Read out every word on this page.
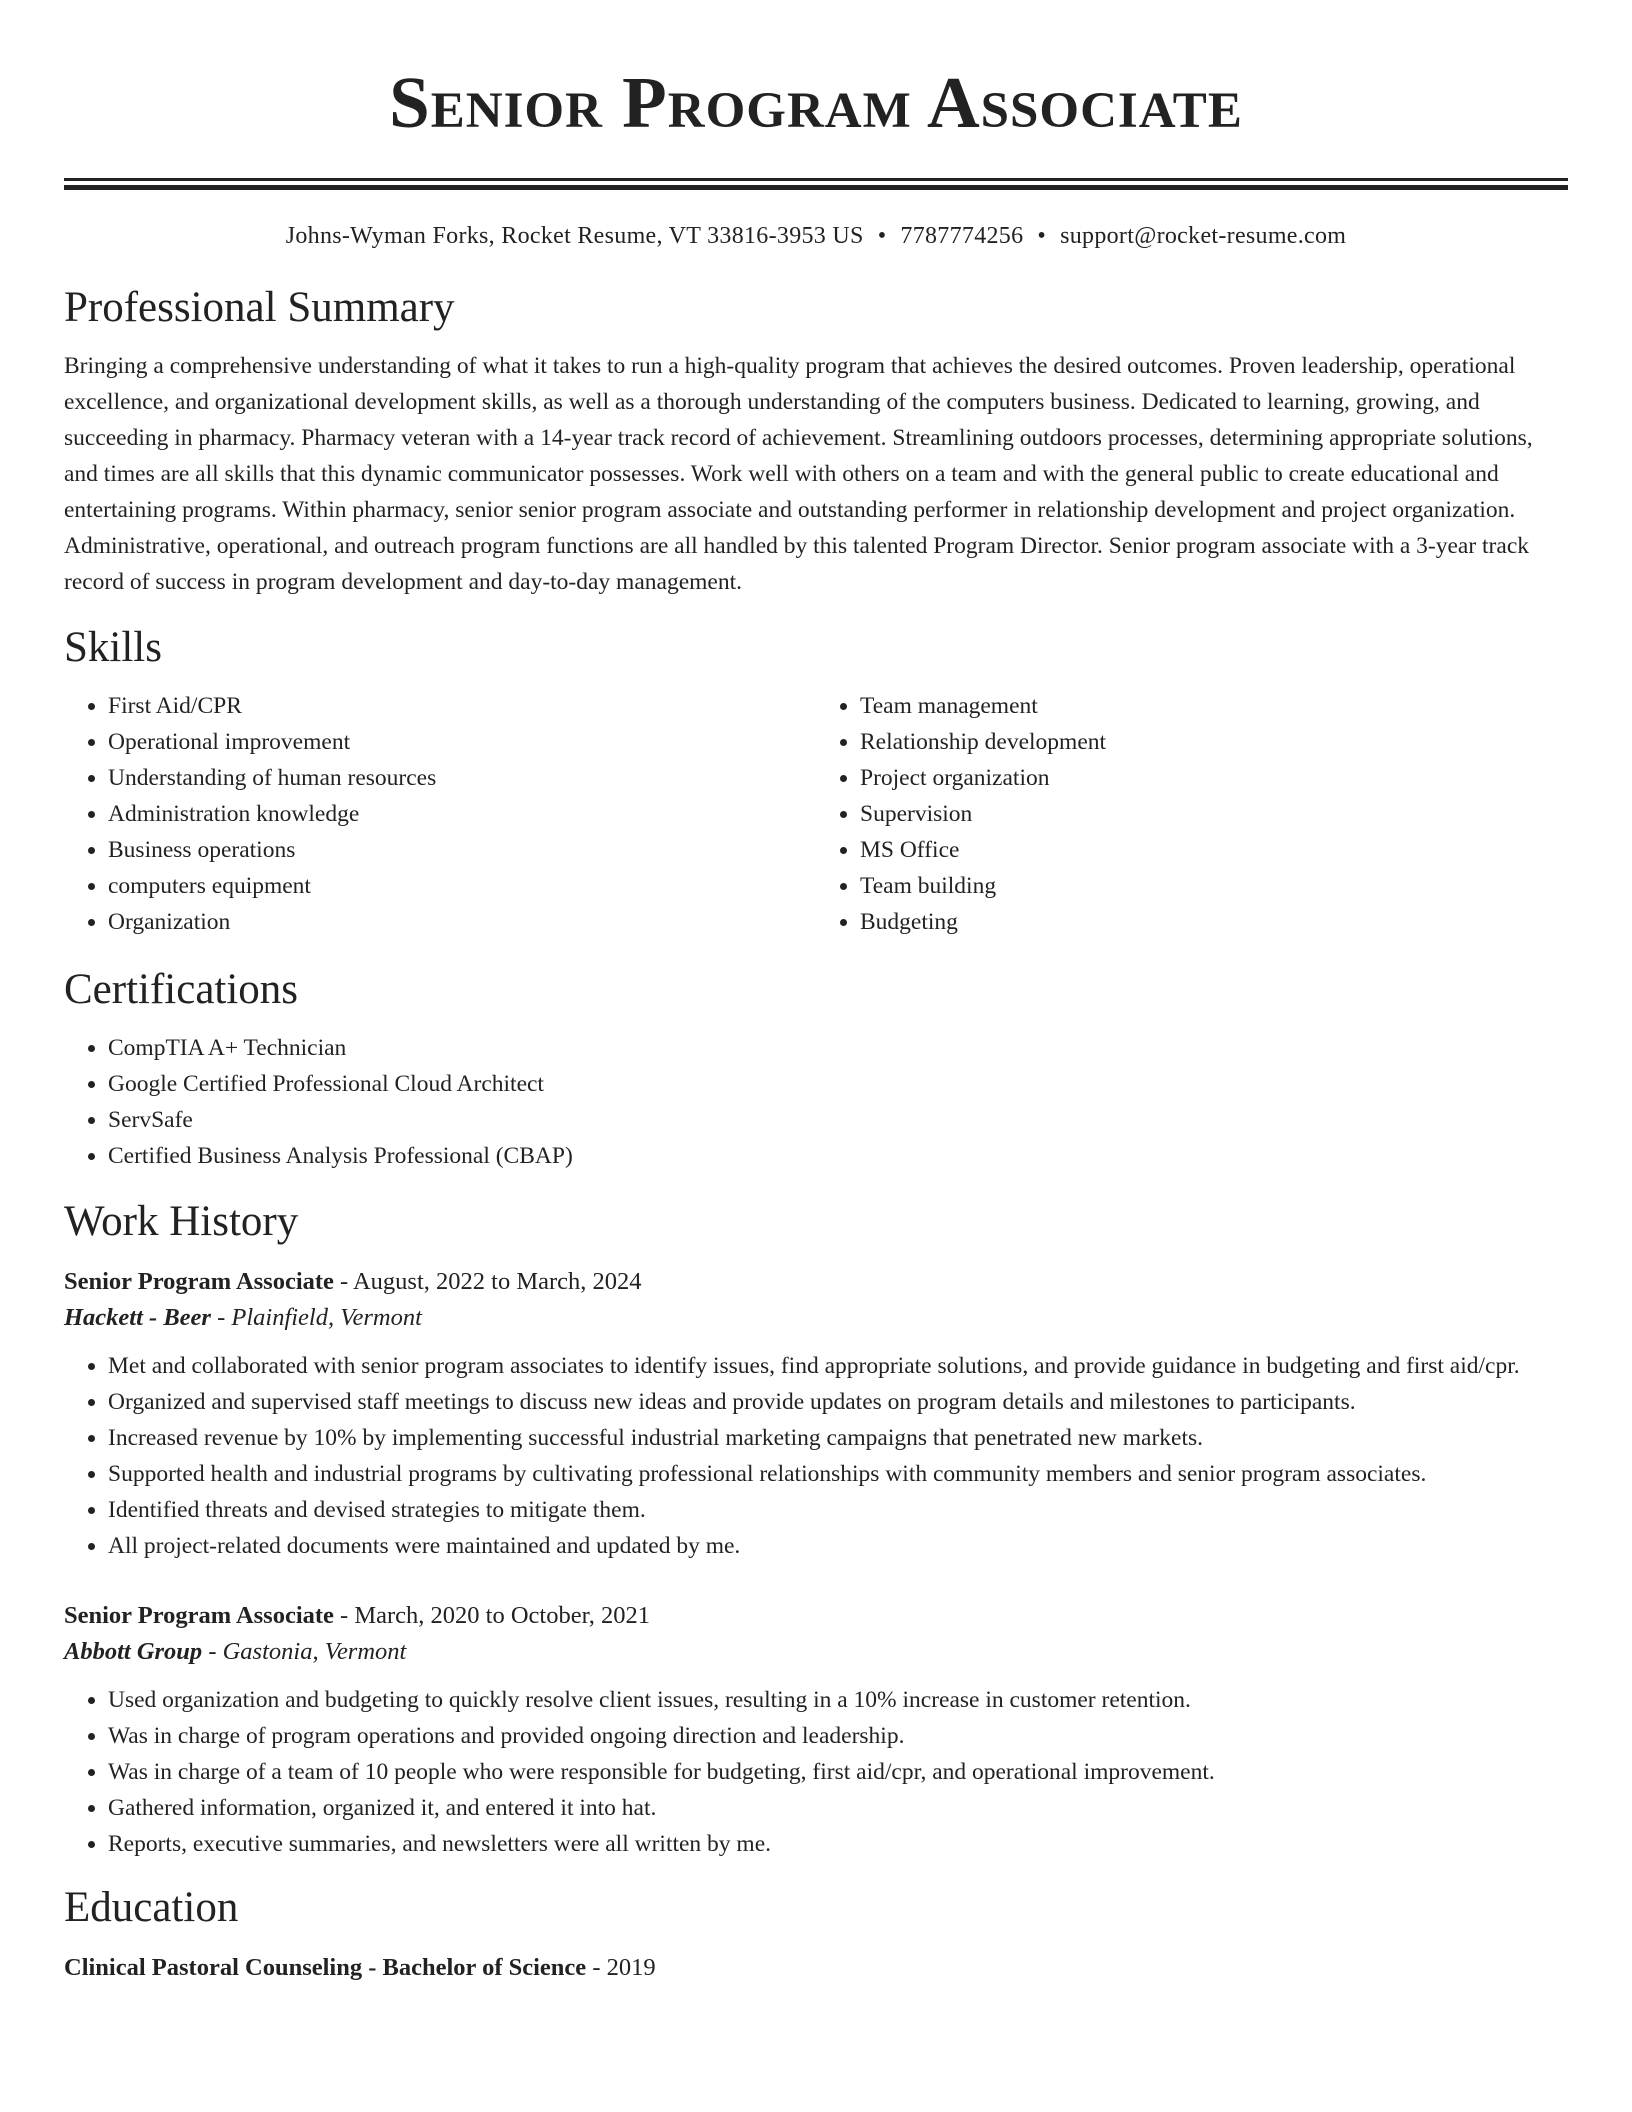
Senior Program Associate
Johns-Wyman Forks, Rocket Resume, VT 33816-3953 US • 7787774256 • support@rocket-resume.com
Professional Summary

Bringing a comprehensive understanding of what it takes to run a high-quality program that achieves the desired outcomes. Proven leadership, operational excellence, and organizational development skills, as well as a thorough understanding of the computers business. Dedicated to learning, growing, and succeeding in pharmacy. Pharmacy veteran with a 14-year track record of achievement. Streamlining outdoors processes, determining appropriate solutions, and times are all skills that this dynamic communicator possesses. Work well with others on a team and with the general public to create educational and entertaining programs. Within pharmacy, senior senior program associate and outstanding performer in relationship development and project organization. Administrative, operational, and outreach program functions are all handled by this talented Program Director. Senior program associate with a 3-year track record of success in program development and day-to-day management.

Skills
• First Aid/CPR
• Operational improvement
• Understanding of human resources
• Administration knowledge
• Business operations
• computers equipment
• Organization
• Team management
• Relationship development
• Project organization
• Supervision
• MS Office
• Team building
• Budgeting
Certifications
• CompTIA A+ Technician
• Google Certified Professional Cloud Architect
• ServSafe
• Certified Business Analysis Professional (CBAP)
Work History
Senior Program Associate - August, 2022 to March, 2024
Hackett - Beer - Plainfield, Vermont
• Met and collaborated with senior program associates to identify issues, find appropriate solutions, and provide guidance in budgeting and first aid/cpr.
• Organized and supervised staff meetings to discuss new ideas and provide updates on program details and milestones to participants.
• Increased revenue by 10% by implementing successful industrial marketing campaigns that penetrated new markets.
• Supported health and industrial programs by cultivating professional relationships with community members and senior program associates.
• Identified threats and devised strategies to mitigate them.
• All project-related documents were maintained and updated by me.
Senior Program Associate - March, 2020 to October, 2021
Abbott Group - Gastonia, Vermont
• Used organization and budgeting to quickly resolve client issues, resulting in a 10% increase in customer retention.
• Was in charge of program operations and provided ongoing direction and leadership.
• Was in charge of a team of 10 people who were responsible for budgeting, first aid/cpr, and operational improvement.
• Gathered information, organized it, and entered it into hat.
• Reports, executive summaries, and newsletters were all written by me.
Education
Clinical Pastoral Counseling - Bachelor of Science - 2019
